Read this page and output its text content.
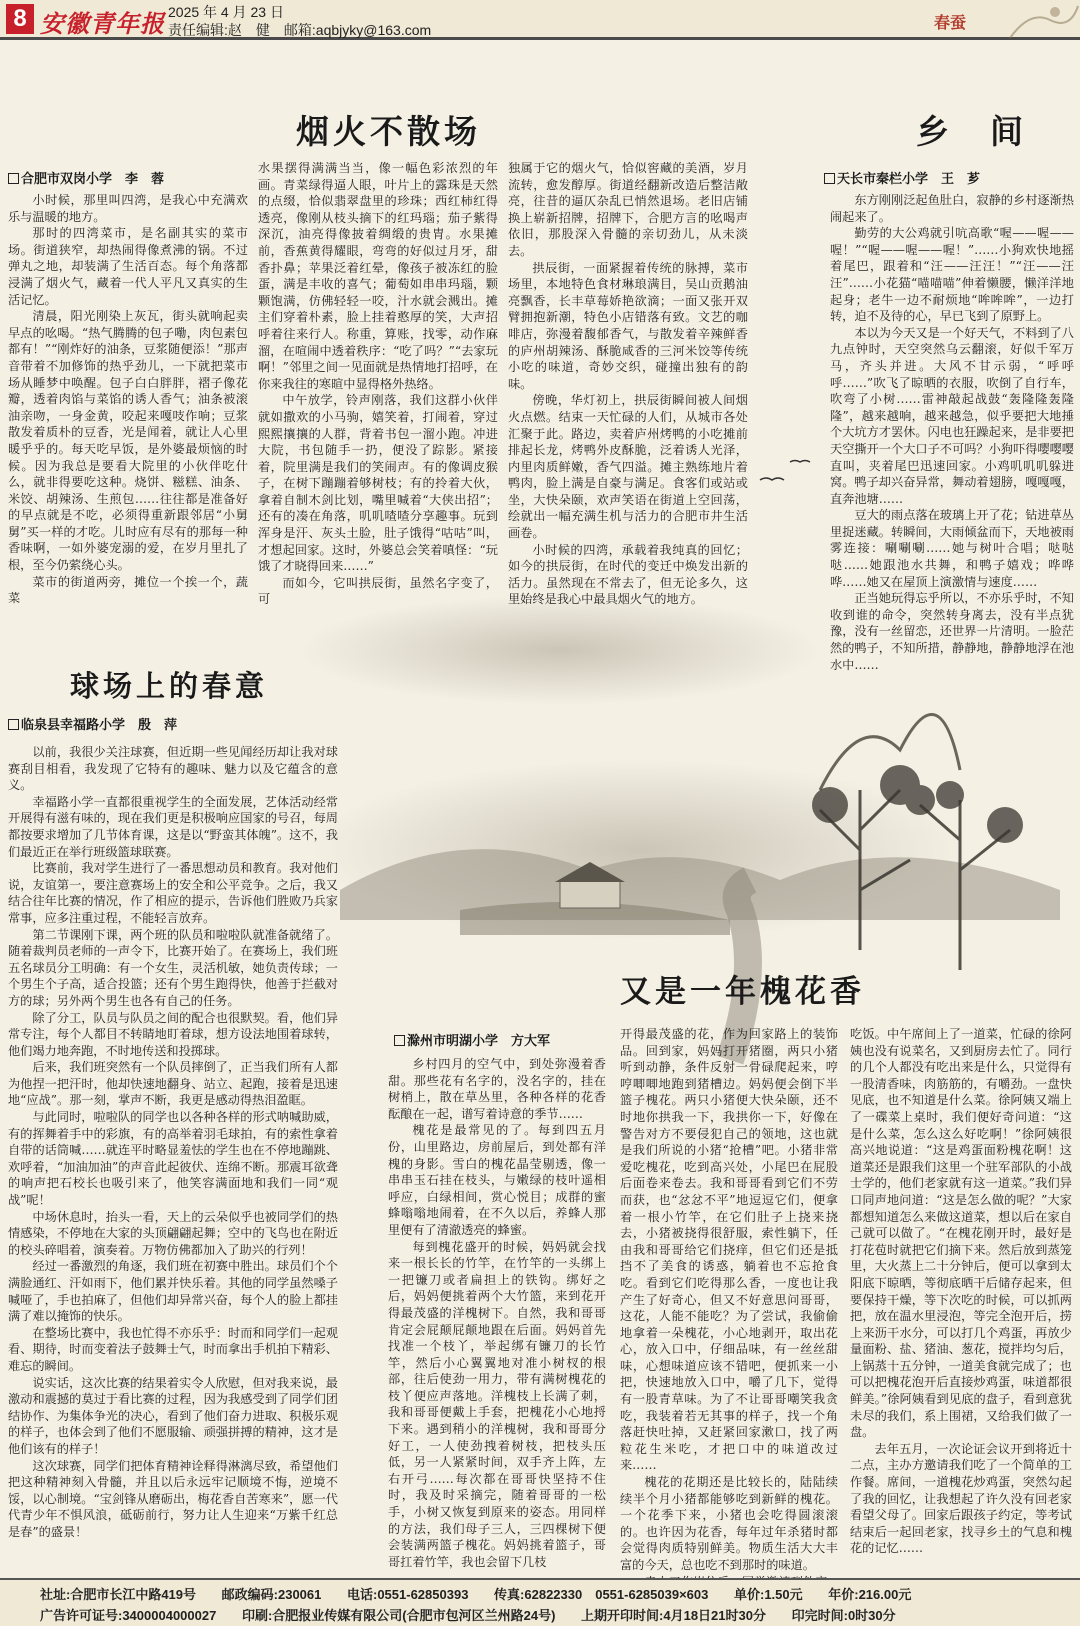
8 安徽青年报 2025 年 4 月 23 日
责任编辑:赵　健　邮箱:aqbjyky@163.com	春蚕
烟火不散场
合肥市双岗小学　李　蓉

小时候，那里叫四湾，是我心中充满欢乐与温暖的地方。

那时的四湾菜市，是名副其实的菜市场。街道狭窄，却热闹得像煮沸的锅。不过弹丸之地，却装满了生活百态。每个角落都浸满了烟火气，藏着一代人平凡又真实的生活记忆。

清晨，阳光刚染上灰瓦，街头就响起卖早点的吆喝。“热气腾腾的包子嘞，肉包素包都有！”“刚炸好的油条，豆浆随便添！”那声音带着不加修饰的热乎劲儿，一下就把菜市场从睡梦中唤醒。包子白白胖胖，褶子像花瓣，透着肉馅与菜馅的诱人香气；油条被滚油亲吻，一身金黄，咬起来嘎吱作响；豆浆散发着质朴的豆香，光是闻着，就让人心里暖乎乎的。每天吃早饭，是外婆最烦恼的时候。因为我总是要看大院里的小伙伴吃什么，就非得要吃这种。烧饼、糍糕、油条、米饺、胡辣汤、生煎包……往往都是准备好的早点就是不吃，必须得重新跟邻居“小舅舅”买一样的才吃。儿时应有尽有的那每一种香味啊，一如外婆宠溺的爱，在岁月里扎了根，至今仍萦绕心头。

菜市的街道两旁，摊位一个挨一个，蔬菜

水果摆得满满当当，像一幅色彩浓烈的年画。青菜绿得逼人眼，叶片上的露珠是天然的点缀，恰似翡翠盘里的珍珠；西红柿红得透亮，像刚从枝头摘下的红玛瑙；茄子紫得深沉，油亮得像披着绸缎的贵胄。水果摊前，香蕉黄得耀眼，弯弯的好似过月牙，甜香扑鼻；苹果泛着红晕，像孩子被冻红的脸蛋，满是丰收的喜气；葡萄如串串玛瑙，颗颗饱满，仿佛轻轻一咬，汁水就会溅出。摊主们穿着朴素，脸上挂着憨厚的笑，大声招呼着往来行人。称重，算账，找零，动作麻溜，在喧闹中透着秩序：“吃了吗？”“去家玩啊！”邻里之间一见面就是热情地打招呼，在你来我往的寒暄中显得格外热络。

中午放学，铃声刚落，我们这群小伙伴就如撒欢的小马驹，嬉笑着，打闹着，穿过熙熙攘攘的人群，背着书包一溜小跑。冲进大院，书包随手一扔，便没了踪影。紧接着，院里满是我们的笑闹声。有的像调皮猴子，在树下蹦蹦着够树枝；有的拎着大伙，拿着自制木剑比划，嘴里喊着“大侠出招”；还有的凑在角落，叽叽喳喳分享趣事。玩到浑身是汗、灰头土脸，肚子饿得“咕咕”叫，才想起回家。这时，外婆总会笑着嗔怪：“玩饿了才晓得回来……”

而如今，它叫拱辰街，虽然名字变了，可

独属于它的烟火气，恰似窖藏的美酒，岁月流转，愈发醇厚。街道经翻新改造后整洁敞亮，往昔的逼仄杂乱已悄然退场。老旧店铺换上崭新招牌，招牌下，合肥方言的吆喝声依旧，那股深入骨髓的亲切劲儿，从未淡去。

拱辰街，一面紧握着传统的脉搏，菜市场里，本地特色食材琳琅满目，吴山贡鹅油亮飘香，长丰草莓娇艳欲滴；一面又张开双臂拥抱新潮，特色小店错落有致。文艺的咖啡店，弥漫着馥郁香气，与散发着辛辣鲜香的庐州胡辣汤、酥脆咸香的三河米饺等传统小吃的味道，奇妙交织，碰撞出独有的韵味。

傍晚，华灯初上，拱辰街瞬间被人间烟火点燃。结束一天忙碌的人们，从城市各处汇聚于此。路边，卖着庐州烤鸭的小吃摊前排起长龙，烤鸭外皮酥脆，泛着诱人光泽，内里肉质鲜嫩，香气四溢。摊主熟练地片着鸭肉，脸上满是自豪与满足。食客们或站或坐，大快朵颐，欢声笑语在街道上空回荡，绘就出一幅充满生机与活力的合肥市井生活画卷。

小时候的四湾，承载着我纯真的回忆；如今的拱辰街，在时代的变迁中焕发出新的活力。虽然现在不常去了，但无论多久，这里始终是我心中最具烟火气的地方。

乡　间
天长市秦栏小学　王　芗

东方刚刚泛起鱼肚白，寂静的乡村逐渐热闹起来了。

勤劳的大公鸡就引吭高歌“喔——喔——喔！”“喔——喔——喔！”……小狗欢快地摇着尾巴，跟着和“汪——汪汪！”“汪——汪汪”……小花猫“喵喵喵”伸着懒腰，懒洋洋地起身；老牛一边不耐烦地“哞哞哞”，一边打转，迫不及待的心，早已飞到了原野上。

本以为今天又是一个好天气，不料到了八九点钟时，天空突然乌云翻滚，好似千军万马，齐头并进。大风不甘示弱，“呼呼呼……”吹飞了晾晒的衣服，吹倒了自行车，吹弯了小树……雷神敲起战鼓“轰隆隆轰隆隆”，越来越响，越来越急，似乎要把大地捶个大坑方才罢休。闪电也狂躁起来，是非要把天空撕开一个大口子不可吗？小狗吓得嘤嘤嘤直叫，夹着尾巴迅速回家。小鸡叽叽叽躲进窝。鸭子却兴奋异常，舞动着翅膀，嘎嘎嘎，直奔池塘……

豆大的雨点落在玻璃上开了花；钻进草丛里捉迷藏。转瞬间，大雨倾盆而下，天地被雨雾连接：唰唰唰……她与树叶合唱；哒哒哒……她跟池水共舞，和鸭子嬉戏；哗哗哗……她又在屋顶上演激情与速度……

正当她玩得忘乎所以，不亦乐乎时，不知收到谁的命令，突然转身离去，没有半点犹豫，没有一丝留恋，还世界一片清明。一脸茫然的鸭子，不知所措，静静地，静静地浮在池水中……

球场上的春意
临泉县幸福路小学　殷　萍

以前，我很少关注球赛，但近期一些见闻经历却让我对球赛刮目相看，我发现了它特有的趣味、魅力以及它蕴含的意义。

幸福路小学一直都很重视学生的全面发展，艺体活动经常开展得有滋有味的，现在我们更是积极响应国家的号召，每周都按要求增加了几节体育课，这是以“野蛮其体魄”。这不，我们最近正在举行班级篮球联赛。

比赛前，我对学生进行了一番思想动员和教育。我对他们说，友谊第一，要注意赛场上的安全和公平竞争。之后，我又结合往年比赛的情况，作了相应的提示，告诉他们胜败乃兵家常事，应多注重过程，不能轻言放弃。

第二节课刚下课，两个班的队员和啦啦队就准备就绪了。随着裁判员老师的一声令下，比赛开始了。在赛场上，我们班五名球员分工明确：有一个女生，灵活机敏，她负责传球；一个男生个子高，适合投篮；还有个男生跑得快，他善于拦截对方的球；另外两个男生也各有自己的任务。

除了分工，队员与队员之间的配合也很默契。看，他们异常专注，每个人都目不转睛地盯着球，想方设法地围着球转，他们竭力地奔跑，不时地传送和投掷球。

后来，我们班突然有一个队员摔倒了，正当我们所有人都为他捏一把汗时，他却快速地翻身、站立、起跑，接着是迅速地“应战”。那一刻，掌声不断，我更是感动得热泪盈眶。

与此同时，啦啦队的同学也以各种各样的形式呐喊助威，有的挥舞着手中的彩旗，有的高举着羽毛球拍，有的索性拿着自带的话筒喊……就连平时略显羞怯的学生也在不停地蹦跳、欢呼着，“加油加油”的声音此起彼伏、连绵不断。那震耳欲聋的响声把石校长也吸引来了，他笑容满面地和我们一同“观战”呢！

中场休息时，抬头一看，天上的云朵似乎也被同学们的热情感染，不停地在大家的头顶翩翩起舞；空中的飞鸟也在附近的校头碎唱着，演奏着。万物仿佛都加入了助兴的行列！

经过一番激烈的角逐，我们班在初赛中胜出。球员们个个满脸通红、汗如雨下，他们累并快乐着。其他的同学虽然嗓子喊哑了，手也拍麻了，但他们却异常兴奋，每个人的脸上都挂满了难以掩饰的快乐。

在整场比赛中，我也忙得不亦乐乎：时而和同学们一起观看、期待，时而变着法子鼓舞士气，时而拿出手机拍下精彩、难忘的瞬间。

说实话，这次比赛的结果着实令人欣慰，但对我来说，最激动和震撼的莫过于看比赛的过程，因为我感受到了同学们团结协作、为集体争光的决心，看到了他们奋力进取、积极乐观的样子，也体会到了他们不愿服输、顽强拼搏的精神，这才是他们该有的样子！

这次球赛，同学们把体育精神诠释得淋漓尽致，希望他们把这种精神刻入骨髓，并且以后永远牢记顺境不悔，逆境不馁，以心制境。“宝剑锋从磨砺出，梅花香自苦寒来”，愿一代代青少年不惧风浪，砥砺前行，努力让人生迎来“万紫千红总是春”的盛景！

又是一年槐花香
滁州市明湖小学　方大军

乡村四月的空气中，到处弥漫着香甜。那些花有名字的，没名字的，挂在树梢上，散在草丛里，各种各样的花香酝酿在一起，谱写着诗意的季节……

槐花是最常见的了。每到四五月份，山里路边，房前屋后，到处都有洋槐的身影。雪白的槐花晶莹剔透，像一串串玉石挂在枝头，与嫩绿的枝叶遥相呼应，白绿相间，赏心悦目；成群的蜜蜂嗡嗡地闹着，在不久以后，养蜂人那里便有了清澈透亮的蜂蜜。

每到槐花盛开的时候，妈妈就会找来一根长长的竹竿，在竹竿的一头绑上一把镰刀或者扁担上的铁钩。绑好之后，妈妈便挑着两个大竹篮，来到花开得最茂盛的洋槐树下。自然，我和哥哥肯定会屁颠屁颠地跟在后面。妈妈首先找准一个枝丫，举起绑有镰刀的长竹竿，然后小心翼翼地对准小树杈的根部，往后使劲一用力，带有满树槐花的枝丫便应声落地。洋槐枝上长满了刺，我和哥哥便戴上手套，把槐花小心地捋下来。遇到稍小的洋槐树，我和哥哥分好工，一人使劲拽着树枝，把枝头压低，另一人紧紧时间，双手齐上阵，左右开弓……每次都在哥哥快坚持不住时，我及时采摘完，随着哥哥的一松手，小树又恢复到原来的姿态。用同样的方法，我们母子三人，三四棵树下便会装满两篮子槐花。妈妈挑着篮子，哥哥扛着竹竿，我也会留下几枝

开得最茂盛的花，作为回家路上的装饰品。回到家，妈妈打开猪圈，两只小猪听到动静，条件反射一骨碌爬起来，哼哼唧唧地跑到猪槽边。妈妈便会倒下半篮子槐花。两只小猪便大快朵颐，还不时地你拱我一下，我拱你一下，好像在警告对方不要侵犯自己的领地，这也就是我们所说的小猪“抢槽”吧。小猪非常爱吃槐花，吃到高兴处，小尾巴在屁股后面卷来卷去。我和哥哥看到它们不劳而获，也“忿忿不平”地逗逗它们，便拿着一根小竹竿，在它们肚子上挠来挠去，小猪被挠得很舒服，索性躺下，任由我和哥哥给它们挠痒，但它们还是抵挡不了美食的诱惑，躺着也不忘抢食吃。看到它们吃得那么香，一度也让我产生了好奇心，但又不好意思问哥哥，这花，人能不能吃？为了尝试，我偷偷地拿着一朵槐花，小心地剥开，取出花心，放入口中，仔细品味，有一丝丝甜味，心想味道应该不错吧，便抓来一小把，快速地放入口中，嚼了几下，觉得有一股青草味。为了不让哥哥嘲笑我贪吃，我装着若无其事的样子，找一个角落赶快吐掉，又赶紧回家漱口，找了两粒花生米吃，才把口中的味道改过来……

槐花的花期还是比较长的，陆陆续续半个月小猪都能够吃到新鲜的槐花。一个花季下来，小猪也会吃得圆滚滚的。也许因为花香，每年过年杀猪时都会觉得肉质特别鲜美。物质生活大大丰富的今天，总也吃不到那时的味道。

吃饭。中午席间上了一道菜，忙碌的徐阿姨也没有说菜名，又到厨房去忙了。同行的几个人都没有吃出来是什么，只觉得有一股清香味，肉筋筋的，有嚼劲。一盘快见底，也不知道是什么菜。徐阿姨又端上了一碟菜上桌时，我们便好奇问道：“这是什么菜，怎么这么好吃啊！”徐阿姨很高兴地说道：“这是鸡蛋面粉槐花啊！这道菜还是跟我们这里一个驻军部队的小战士学的，他们老家就有这一道菜。”我们异口同声地问道：“这是怎么做的呢？”大家都想知道怎么来做这道菜，想以后在家自己就可以做了。“在槐花刚开时，最好是打花苞时就把它们摘下来。然后放到蒸笼里，大火蒸上二十分钟后，便可以拿到太阳底下晾晒，等彻底晒干后储存起来，但要保持干燥，等下次吃的时候，可以抓两把，放在温水里浸泡，等完全泡开后，捞上来沥干水分，可以打几个鸡蛋，再放少量面粉、盐、猪油、葱花，搅拌均匀后，上锅蒸十五分钟，一道美食就完成了；也可以把槐花泡开后直接炒鸡蛋，味道都很鲜美。”徐阿姨看到见底的盘子，看到意犹未尽的我们，系上围裙，又给我们做了一盘。

去年五月，一次论证会议开到将近十二点，主办方邀请我们吃了一个简单的工作餐。席间，一道槐花炒鸡蛋，突然勾起了我的回忆，让我想起了许久没有回老家看望父母了。回家后跟孩子约定，等考试结束后一起回老家，找寻乡土的气息和槐花的记忆……

社址:合肥市长江中路419号 邮政编码:230061 电话:0551-62850393 传真:62822330　0551-6285039×603 单价:1.50元 年价:216.00元
广告许可证号:3400004000027 印刷:合肥报业传媒有限公司(合肥市包河区兰州路24号) 上期开印时间:4月18日21时30分 印完时间:0时30分
